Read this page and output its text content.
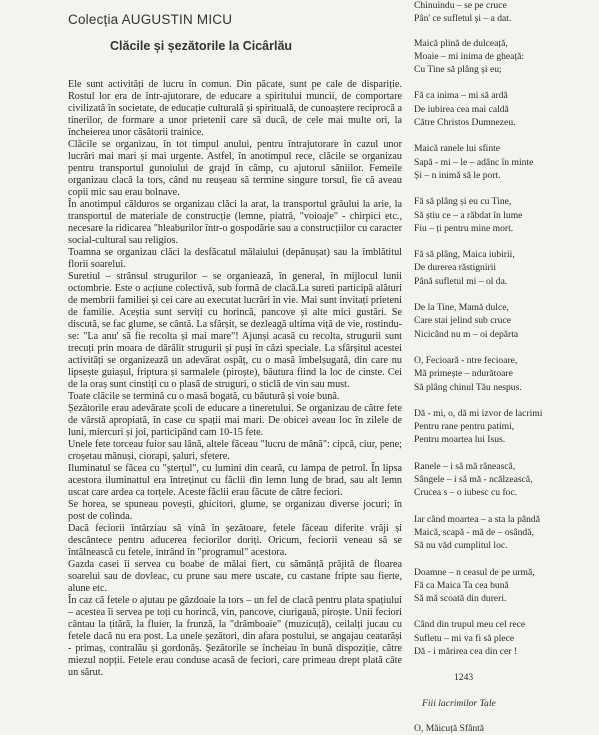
Colecția AUGUSTIN MICU
Clăcile și șezătorile la Cicârlău

Ele sunt activități de lucru în comun. Din păcate, sunt pe cale de dispariție. Rostul lor era de într-ajutorare, de educare a spiritului muncii, de comportare civilizată în societate, de educație culturală și spirituală, de cunoaștere reciprocă a tinerilor, de formare a unor prietenii care să ducă, de cele mai multe ori, la încheierea unor căsătorii trainice.

Clăcile se organizau, în tot timpul anului, pentru întrajutorare în cazul unor lucrări mai mari și mai urgente. Astfel, în anotimpul rece, clăcile se organizau pentru transportul gunoiului de grajd în câmp, cu ajutorul săniilor. Femeile organizau clacă la tors, când nu reușeau să termine singure torsul, fie că aveau copii mic sau erau bolnave.

În anotimpul călduros se organizau clăci la arat, la transportul grâului la arie, la transportul de materiale de construcție (lemne, piatră, "voioaje" - chirpici etc., necesare la ridicarea "hleaburilor într-o gospodărie sau a construcțiilor cu caracter social-cultural sau religios.

Toamna se organizau clăci la desfăcatul mălaiului (depănușat) sau la îmblătitul florii soarelui.

Suretiul – strânsul strugurilor – se organiează, în general, în mijlocul lunii octombrie. Este o acțiune colectivă, sub formă de clacă.La sureti participă alături de membrii familiei și cei care au executat lucrări în vie. Mai sunt invitați prieteni de familie. Aceștia sunt serviți cu horincă, pancove și alte mici gustări. Se discută, se fac glume, se cântă. La sfârșit, se dezleagă ultima viță de vie, rostindu-se: "La anu' să fie recolta și mai mare"! Ajunși acasă cu recolta, strugurii sunt trecuți prin moara de dărâlit strugurii și puși în căzi speciale. La sfârșitul acestei activități se organizează un adevărat ospăț, cu o masă îmbelșugată, din care nu lipsește guiașul, friptura și sarmalele (piroște), băutura fiind la loc de cinste. Cei de la oraș sunt cinstiți cu o plasă de struguri, o sticlă de vin sau must.

Toate clăcile se termină cu o masă bogată, cu băutură și voie bună.

Șezătorile erau adevărate școli de educare a tineretului. Se organizau de către fete de vârstă apropiată, în case cu spații mai mari. De obicei aveau loc în zilele de luni, miercuri și joi, participând cam 10-15 fete.

Unele fete torceau fuior sau lână, altele făceau "lucru de mână": cipcă, ciur, pene; croșetau mănuși, ciorapi, șaluri, sfetere.

Iluminatul se făcea cu "șterțul", cu lumini din ceară, cu lampa de petrol. În lipsa acestora iluminattul era întreținut cu făclii din lemn lung de brad, sau alt lemn uscat care ardea ca torțele. Aceste făclii erau făcute de către feciori.

Se horea, se spuneau povești, ghicitori, glume, se organizau diverse jocuri; în post de colinda.

Dacă feciorii întârziau să vină în șezătoare, fetele făceau diferite vrăji și descântece pentru aducerea feciorilor doriți. Oricum, feciorii veneau să se întâlnească cu fetele, intrând în "programul" acestora.

Gazda casei îi servea cu boabe de mălai fiert, cu sămânță prăjită de floarea soarelui sau de dovleac, cu prune sau mere uscate, cu castane fripte sau fierte, alune etc.

În caz că fetele o ajutau pe găzdoaie la tors – un fel de clacă pentru plata spațiului – acestea îi servea pe toți cu horincă, vin, pancove, ciurigauă, piroște. Unii feciori cântau la țitără, la fluier, la frunză, la "drâmboaie" (muzicuță), ceilalți jucau cu fetele dacă nu era post. La unele șezători, din afara postului, se angajau ceatarăși - primaș, contralău și gordonăș. Șezătorile se încheiau în bună dispoziție, către miezul nopții. Fetele erau conduse acasă de feciori, care primeau drept plată câte un sărut.

Chinuindu – se pe cruce
Pân' ce sufletul și – a dat.
Maică plină de dulceață,
Moaie – mi inima de gheață:
Cu Tine să plâng și eu;
Fă ca inima – mi să ardă
De iubirea cea mai caldă
Către Christos Dumnezeu.
Maică ranele lui sfinte
Sapă - mi – le – adânc în minte
Și – n inimă să le port.
Fă să plâng și eu cu Tine,
Să știu ce – a răbdat în lume
Fiu – ți pentru mine mort.
Fă să plâng, Maica iubirii,
De durerea răstignirii
Până sufletul mi – ol da.
De la Tine, Mamă dulce,
Care stai jelind sub cruce
Nicicând nu m – oi depărta
O, Fecioară - ntre fecioare,
Mă primește – ndurătoare
Să plâng chinul Tău nespus.
Dă - mi, o, dă mi izvor de lacrimi
Pentru rane pentru patimi,
Pentru moartea lui Isus.
Ranele – i să mă rănească,
Sângele – i să mă - ncălzească,
Crucea s – o iubesc cu foc.
Iar când moartea – a sta la pândă
Maică, scapă - mă de – osândă,
Să nu văd cumplitul loc.
Doamne – n ceasul de pe urmă,
Fă ca Maica Ta cea bună
Să mă scoată din dureri.
Când din trupul meu cel rece
Sufletu – mi va fi să plece
Dă - i mărirea cea din cer !
1243
Fiii lacrimilor Tale
O, Măicuță Sfântă
